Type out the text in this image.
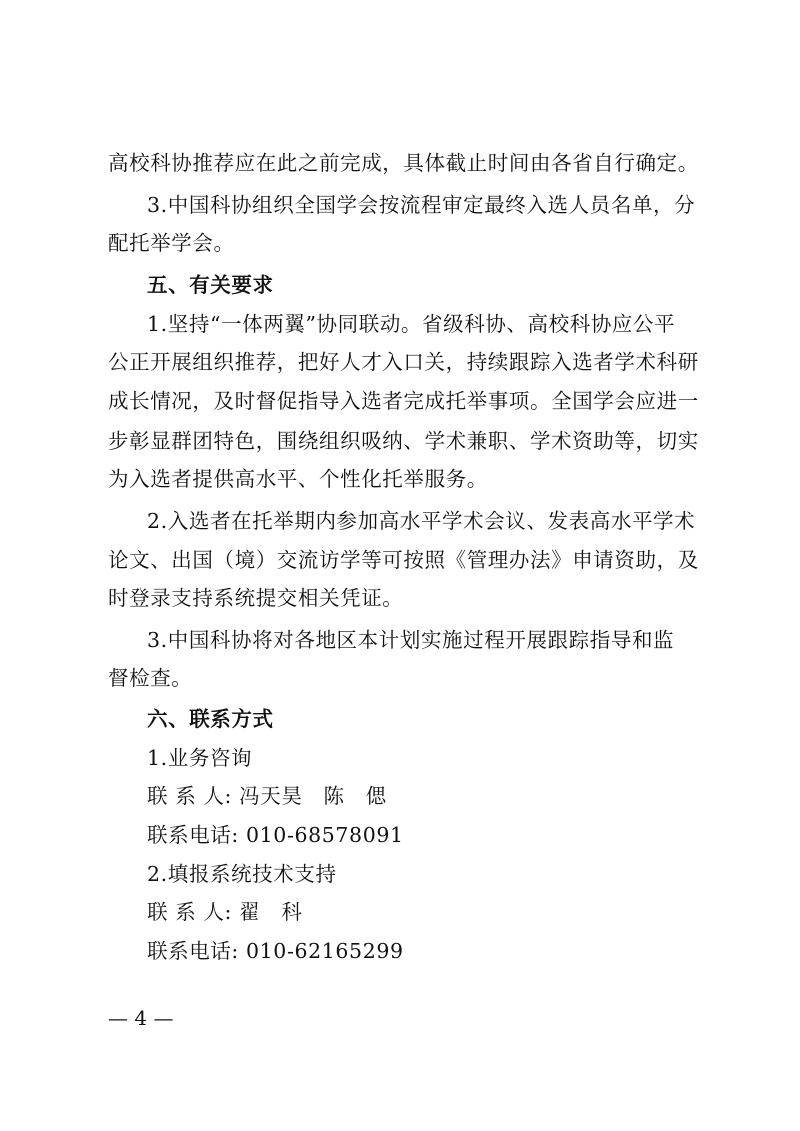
高校科协推荐应在此之前完成，具体截止时间由各省自行确定。
3.中国科协组织全国学会按流程审定最终入选人员名单，分
配托举学会。
五、有关要求
1.坚持“一体两翼”协同联动。省级科协、高校科协应公平
公正开展组织推荐，把好人才入口关，持续跟踪入选者学术科研
成长情况，及时督促指导入选者完成托举事项。全国学会应进一
步彰显群团特色，围绕组织吸纳、学术兼职、学术资助等，切实
为入选者提供高水平、个性化托举服务。
2.入选者在托举期内参加高水平学术会议、发表高水平学术
论文、出国（境）交流访学等可按照《管理办法》申请资助，及
时登录支持系统提交相关凭证。
3.中国科协将对各地区本计划实施过程开展跟踪指导和监
督检查。
六、联系方式
1.业务咨询
联 系 人: 冯天昊　陈　偲
联系电话: 010-68578091
2.填报系统技术支持
联 系 人: 翟　科
联系电话: 010-62165299
— 4 —
